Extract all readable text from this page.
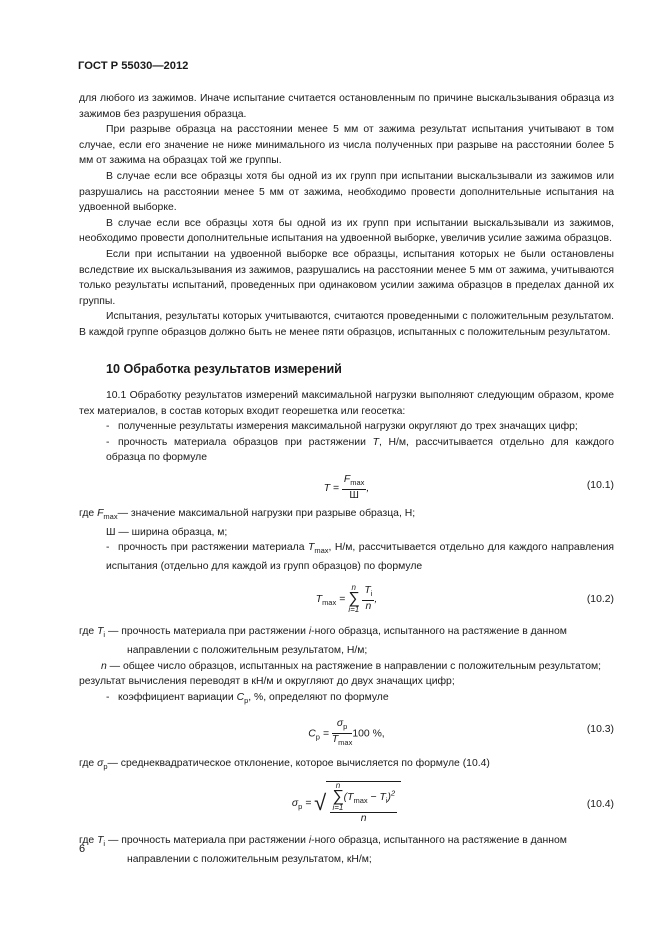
ГОСТ Р 55030—2012

для любого из зажимов. Иначе испытание считается остановленным по причине выскальзывания образца из зажимов без разрушения образца.

При разрыве образца на расстоянии менее 5 мм от зажима результат испытания учитывают в том случае, если его значение не ниже минимального из числа полученных при разрыве на расстоянии более 5 мм от зажима на образцах той же группы.

В случае если все образцы хотя бы одной из их групп при испытании выскальзывали из зажимов или разрушались на расстоянии менее 5 мм от зажима, необходимо провести дополнительные испытания на удвоенной выборке.

В случае если все образцы хотя бы одной из их групп при испытании выскальзывали из зажимов, необходимо провести дополнительные испытания на удвоенной выборке, увеличив усилие зажима образцов.

Если при испытании на удвоенной выборке все образцы, испытания которых не были остановлены вследствие их выскальзывания из зажимов, разрушались на расстоянии менее 5 мм от зажима, учитываются только результаты испытаний, проведенных при одинаковом усилии зажима образцов в пределах данной их группы.

Испытания, результаты которых учитываются, считаются проведенными с положительным результатом. В каждой группе образцов должно быть не менее пяти образцов, испытанных с положительным результатом.

10 Обработка результатов измерений

10.1 Обработку результатов измерений максимальной нагрузки выполняют следующим образом, кроме тех материалов, в состав которых входит георешетка или геосетка:

- полученные результаты измерения максимальной нагрузки округляют до трех значащих цифр;

- прочность материала образцов при растяжении T, Н/м, рассчитывается отдельно для каждого образца по формуле

$T = \frac{F_{max}}{Ш}$ ,	(10.1)
где $F_{max}$ — значение максимальной нагрузки при разрыве образца, Н;

Ш — ширина образца, м;

- прочность при растяжении материала $T_{max}$, Н/м, рассчитывается отдельно для каждого направления испытания (отдельно для каждой из групп образцов) по формуле

$T_{max} = n$
∑
$i=1 \frac{T_i}{n}$ ,	(10.2)
где $T_i$ — прочность материала при растяжении i-ного образца, испытанного на растяжение в данном направлении с положительным результатом, Н/м;
n — общее число образцов, испытанных на растяжение в направлении с положительным результатом;

результат вычисления переводят в кН/м и округляют до двух значащих цифр;

- коэффициент вариации $C_p$, %, определяют по формуле

$C_p = \frac{\sigma_p}{T_{max}} 100$ %,	(10.3)
где $\sigma_p$ — среднеквадратическое отклонение, которое вычисляется по формуле (10.4)
$\sigma_p$ = √ n
∑
$i=1(T_{max} - T_i)^2$
n	(10.4)
где $T_i$ — прочность материала при растяжении i-ного образца, испытанного на растяжение в данном направлении с положительным результатом, кН/м;
6
